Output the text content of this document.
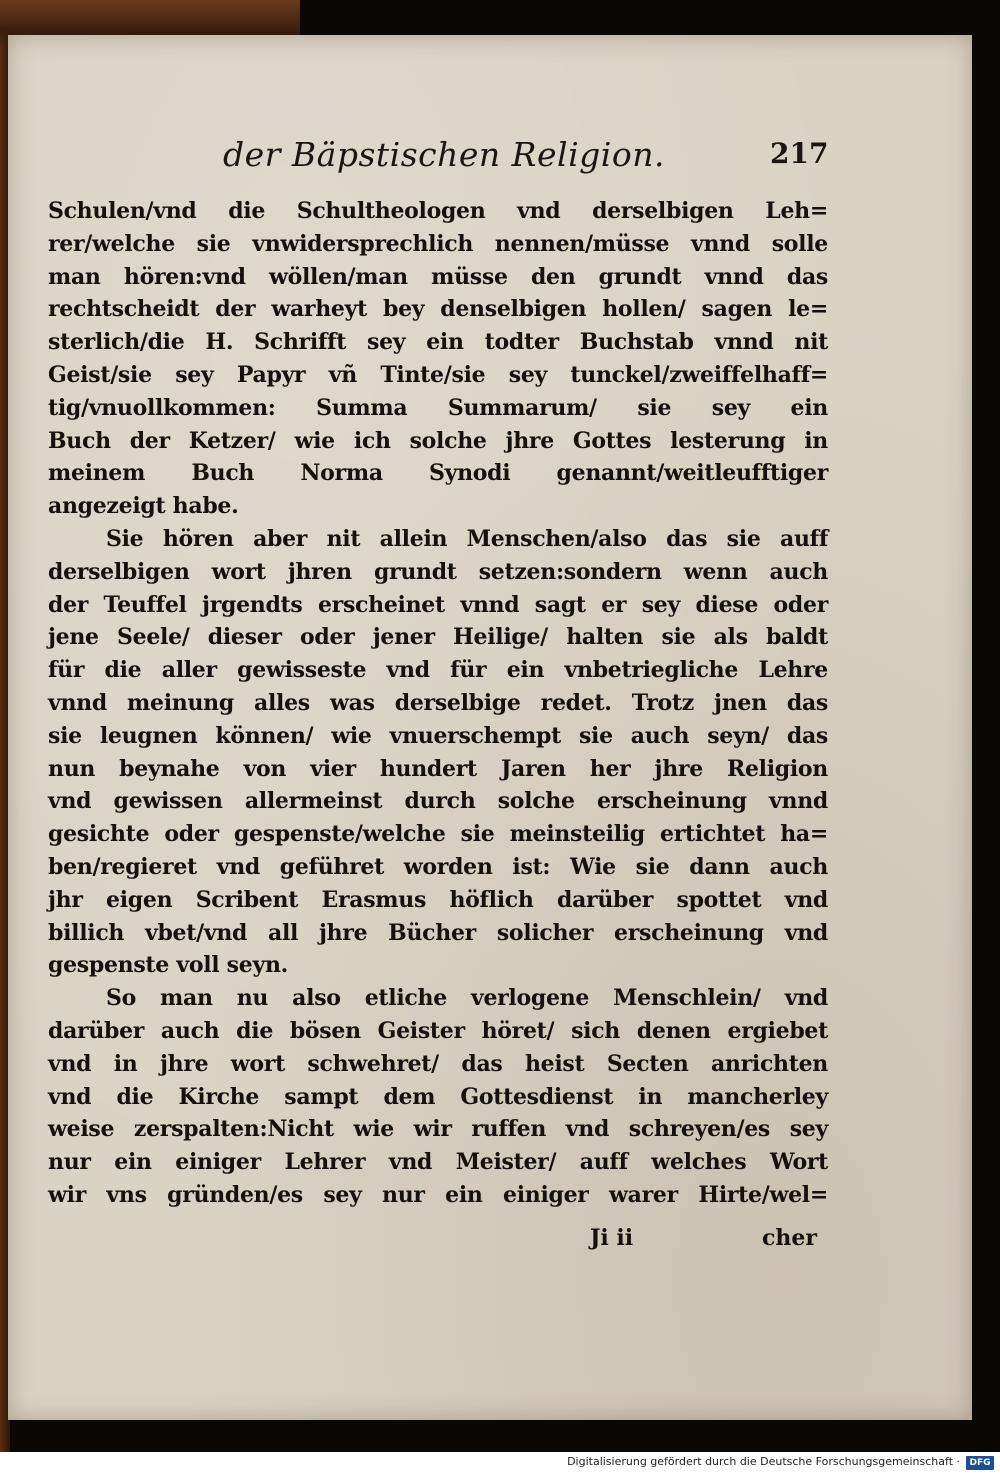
der Bäpstischen Religion.	217
Schulen/vnd die Schultheologen vnd derselbigen Leh=
rer/welche sie vnwidersprechlich nennen/müsse vnnd solle
man hören:vnd wöllen/man müsse den grundt vnnd das
rechtscheidt der warheyt bey denselbigen hollen/ sagen le=
sterlich/die H. Schrifft sey ein todter Buchstab vnnd nit
Geist/sie sey Papyr vñ Tinte/sie sey tunckel/zweiffelhaff=
tig/vnuollkommen: Summa Summarum/ sie sey ein
Buch der Ketzer/ wie ich solche jhre Gottes lesterung in
meinem Buch Norma Synodi genannt/weitleufftiger
angezeigt habe.
Sie hören aber nit allein Menschen/also das sie auff
derselbigen wort jhren grundt setzen:sondern wenn auch
der Teuffel jrgendts erscheinet vnnd sagt er sey diese oder
jene Seele/ dieser oder jener Heilige/ halten sie als baldt
für die aller gewisseste vnd für ein vnbetriegliche Lehre
vnnd meinung alles was derselbige redet. Trotz jnen das
sie leugnen können/ wie vnuerschempt sie auch seyn/ das
nun beynahe von vier hundert Jaren her jhre Religion
vnd gewissen allermeinst durch solche erscheinung vnnd
gesichte oder gespenste/welche sie meinsteilig ertichtet ha=
ben/regieret vnd geführet worden ist: Wie sie dann auch
jhr eigen Scribent Erasmus höflich darüber spottet vnd
billich vbet/vnd all jhre Bücher solicher erscheinung vnd
gespenste voll seyn.
So man nu also etliche verlogene Menschlein/ vnd
darüber auch die bösen Geister höret/ sich denen ergiebet
vnd in jhre wort schwehret/ das heist Secten anrichten
vnd die Kirche sampt dem Gottesdienst in mancherley
weise zerspalten:Nicht wie wir ruffen vnd schreyen/es sey
nur ein einiger Lehrer vnd Meister/ auff welches Wort
wir vns gründen/es sey nur ein einiger warer Hirte/wel=
Ji ii	cher
Digitalisierung gefördert durch die Deutsche Forschungsgemeinschaft ·	DFG
